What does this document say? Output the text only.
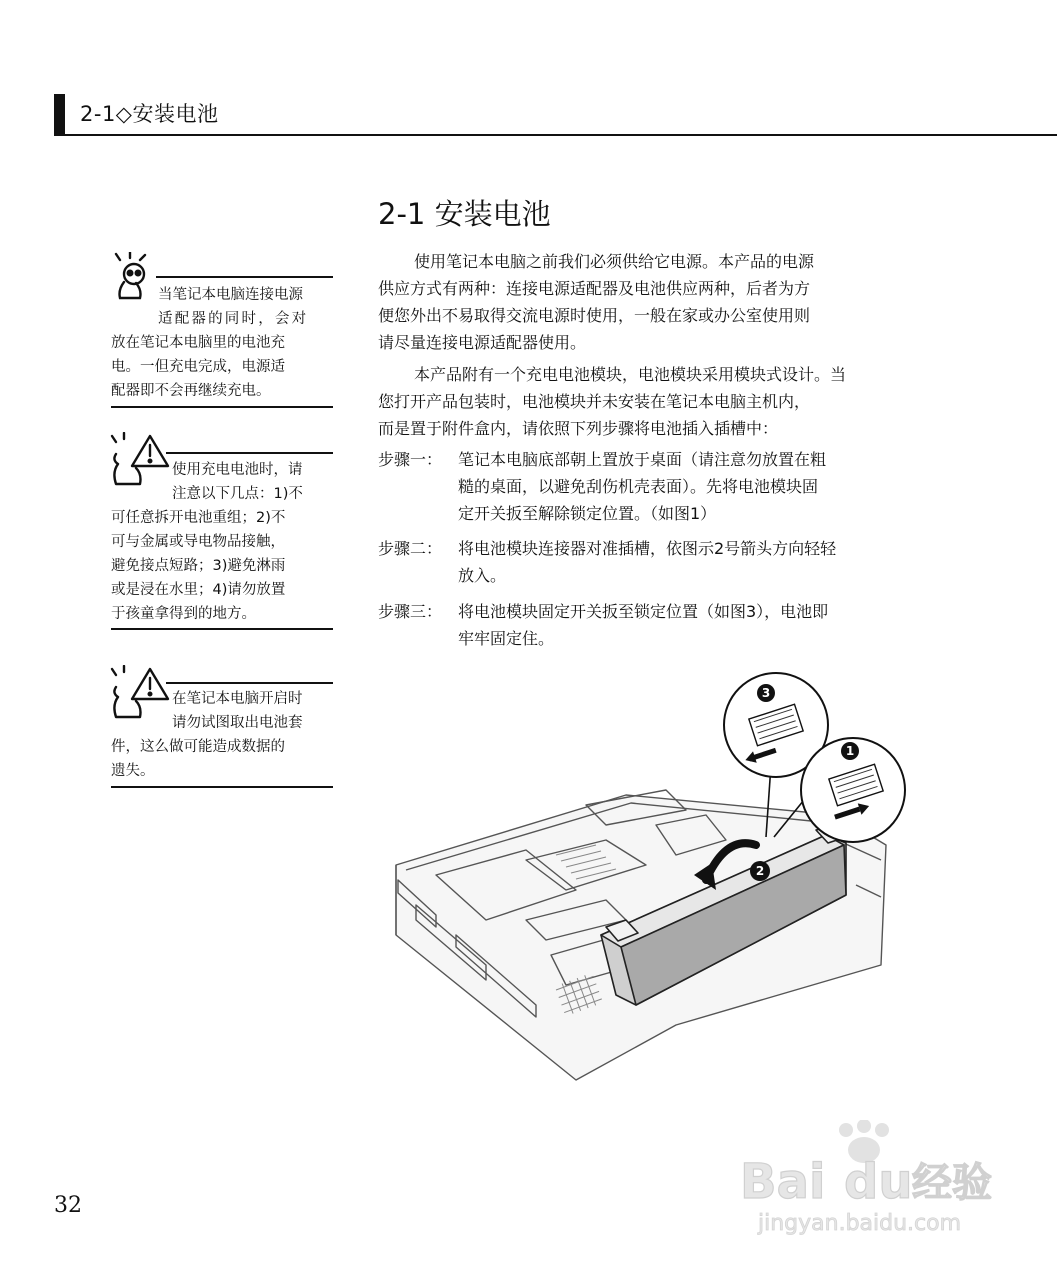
2-1◇安装电池
2-1 安装电池
使用笔记本电脑之前我们必须供给它电源。本产品的电源
供应方式有两种：连接电源适配器及电池供应两种，后者为方
便您外出不易取得交流电源时使用，一般在家或办公室使用则
请尽量连接电源适配器使用。
本产品附有一个充电电池模块，电池模块采用模块式设计。当
您打开产品包装时，电池模块并未安装在笔记本电脑主机内，
而是置于附件盒内，请依照下列步骤将电池插入插槽中：
步骤一： 笔记本电脑底部朝上置放于桌面（请注意勿放置在粗
糙的桌面，以避免刮伤机壳表面）。先将电池模块固
定开关扳至解除锁定位置。（如图1）
步骤二： 将电池模块连接器对准插槽，依图示2号箭头方向轻轻
放入。
步骤三： 将电池模块固定开关扳至锁定位置（如图3），电池即
牢牢固定住。
当笔记本电脑连接电源
适配器的同时，会对
放在笔记本电脑里的电池充
电。一但充电完成，电源适
配器即不会再继续充电。
使用充电电池时，请
注意以下几点：1)不
可任意拆开电池重组；2)不
可与金属或导电物品接触，
避免接点短路；3)避免淋雨
或是浸在水里；4)请勿放置
于孩童拿得到的地方。
在笔记本电脑开启时
请勿试图取出电池套
件，这么做可能造成数据的
遗失。
3
1
2
32	Bai du 经验
jingyan.baidu.com
